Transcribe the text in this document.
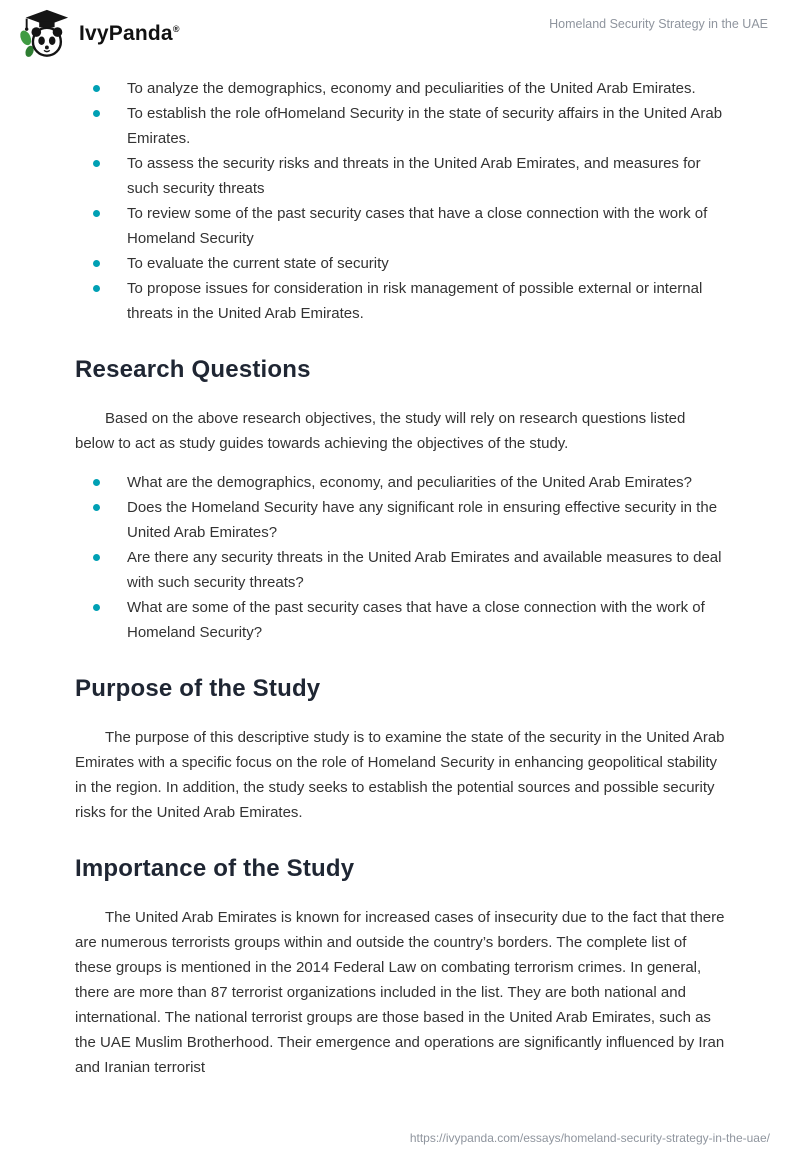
IvyPanda®	Homeland Security Strategy in the UAE
To analyze the demographics, economy and peculiarities of the United Arab Emirates.
To establish the role ofHomeland Security in the state of security affairs in the United Arab Emirates.
To assess the security risks and threats in the United Arab Emirates, and measures for such security threats
To review some of the past security cases that have a close connection with the work of Homeland Security
To evaluate the current state of security
To propose issues for consideration in risk management of possible external or internal threats in the United Arab Emirates.
Research Questions

Based on the above research objectives, the study will rely on research questions listed below to act as study guides towards achieving the objectives of the study.

What are the demographics, economy, and peculiarities of the United Arab Emirates?
Does the Homeland Security have any significant role in ensuring effective security in the United Arab Emirates?
Are there any security threats in the United Arab Emirates and available measures to deal with such security threats?
What are some of the past security cases that have a close connection with the work of Homeland Security?
Purpose of the Study

The purpose of this descriptive study is to examine the state of the security in the United Arab Emirates with a specific focus on the role of Homeland Security in enhancing geopolitical stability in the region. In addition, the study seeks to establish the potential sources and possible security risks for the United Arab Emirates.

Importance of the Study

The United Arab Emirates is known for increased cases of insecurity due to the fact that there are numerous terrorists groups within and outside the country’s borders. The complete list of these groups is mentioned in the 2014 Federal Law on combating terrorism crimes. In general, there are more than 87 terrorist organizations included in the list. They are both national and international. The national terrorist groups are those based in the United Arab Emirates, such as the UAE Muslim Brotherhood. Their emergence and operations are significantly influenced by Iran and Iranian terrorist

https://ivypanda.com/essays/homeland-security-strategy-in-the-uae/
